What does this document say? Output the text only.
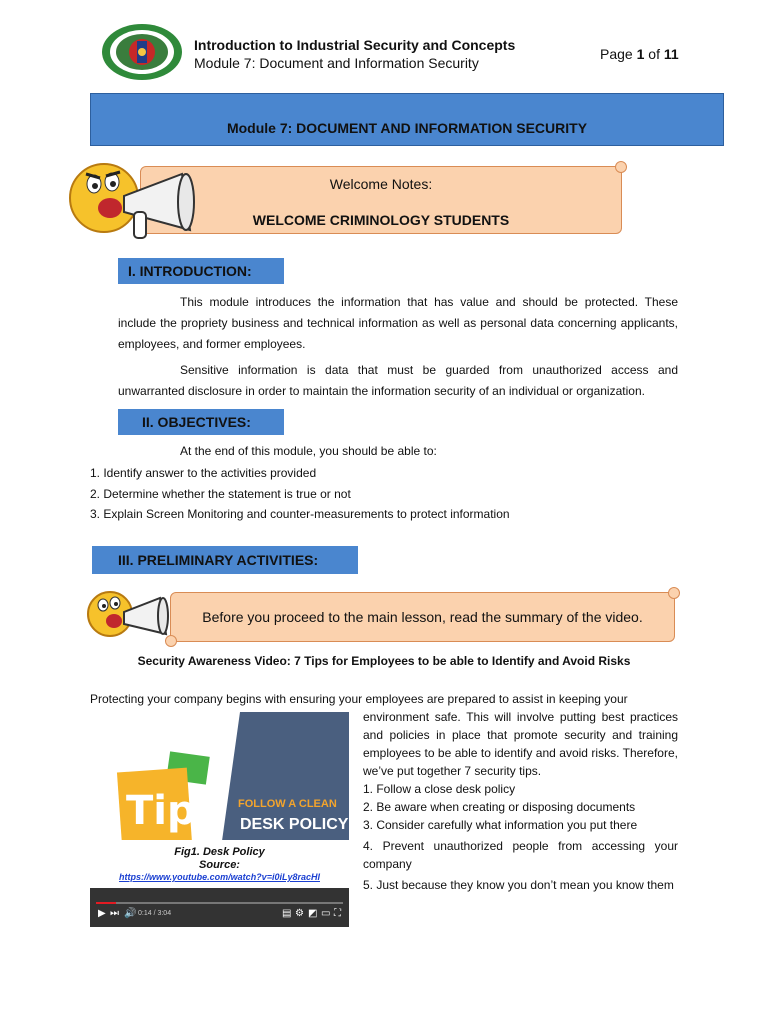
Introduction to Industrial Security and Concepts
Module 7: Document and Information Security
Page 1 of 11
Module 7: DOCUMENT AND INFORMATION SECURITY
Welcome Notes:
WELCOME CRIMINOLOGY STUDENTS
I. INTRODUCTION:
This module introduces the information that has value and should be protected. These include the propriety business and technical information as well as personal data concerning applicants, employees, and former employees.
Sensitive information is data that must be guarded from unauthorized access and unwarranted disclosure in order to maintain the information security of an individual or organization.
II. OBJECTIVES:
At the end of this module, you should be able to:
1. Identify answer to the activities provided
2. Determine whether the statement is true or not
3. Explain Screen Monitoring and counter-measurements to protect information
III. PRELIMINARY ACTIVITIES:
Before you proceed to the main lesson, read the summary of the video.
Security Awareness Video: 7 Tips for Employees to be able to Identify and Avoid Risks
Protecting your company begins with ensuring your employees are prepared to assist in keeping your
Tip	FOLLOW A CLEAN
DESK POLICY
Fig1. Desk Policy
Source:
https://www.youtube.com/watch?v=i0iLy8racHI
▶ ⏭ 🔊 0:14 / 3:04	▤ ⚙ ◩ ▭ ⛶

environment safe. This will involve putting best practices and policies in place that promote security and training employees to be able to identify and avoid risks. Therefore, we’ve put together 7 security tips.

1. Follow a close desk policy

2. Be aware when creating or disposing documents

3. Consider carefully what information you put there

4. Prevent unauthorized people from accessing your company

5. Just because they know you don’t mean you know them
